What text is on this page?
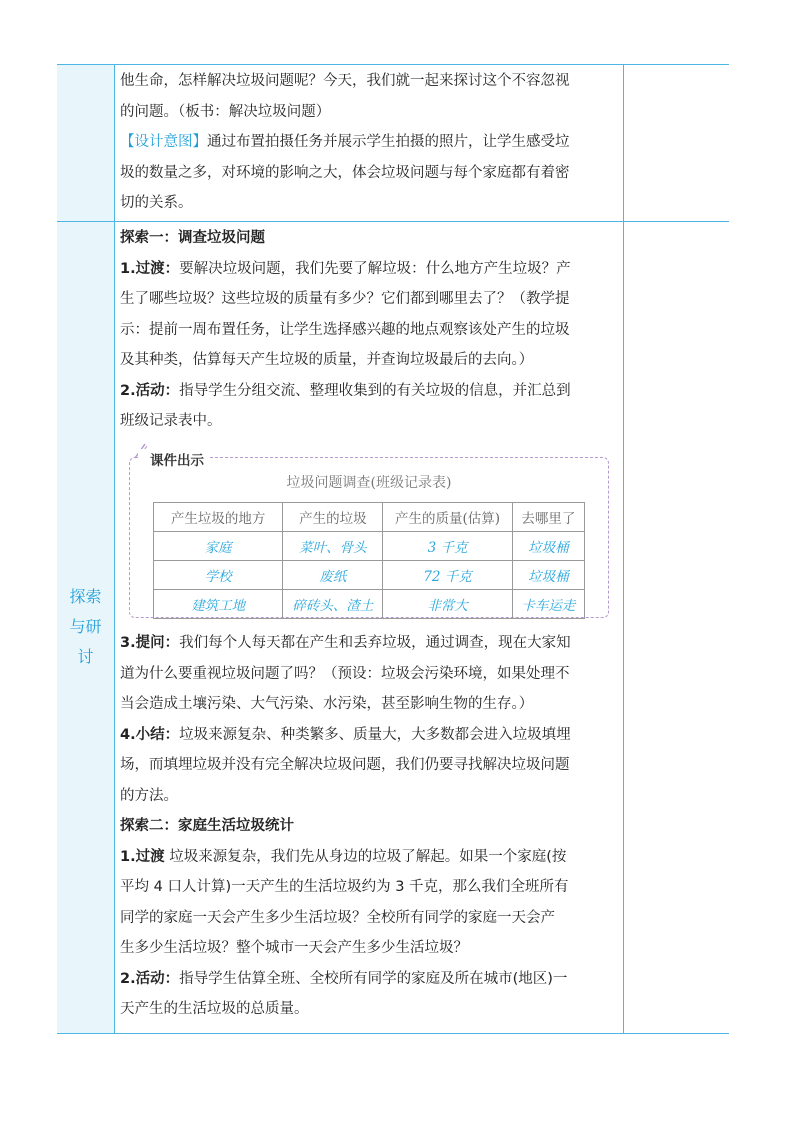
他生命，怎样解决垃圾问题呢？今天，我们就一起来探讨这个不容忽视

的问题。（板书：解决垃圾问题）

【设计意图】通过布置拍摄任务并展示学生拍摄的照片，让学生感受垃

圾的数量之多，对环境的影响之大，体会垃圾问题与每个家庭都有着密

切的关系。

探索
与研
讨

探索一：调查垃圾问题

1.过渡：要解决垃圾问题，我们先要了解垃圾：什么地方产生垃圾？产

生了哪些垃圾？这些垃圾的质量有多少？它们都到哪里去了？（教学提

示：提前一周布置任务，让学生选择感兴趣的地点观察该处产生的垃圾

及其种类，估算每天产生垃圾的质量，并查询垃圾最后的去向。）

2.活动：指导学生分组交流、整理收集到的有关垃圾的信息，并汇总到

班级记录表中。

课件出示
垃圾问题调查(班级记录表)
产生垃圾的地方	产生的垃圾	产生的质量(估算)	去哪里了
家庭	菜叶、骨头	3 千克	垃圾桶
学校	废纸	72 千克	垃圾桶
建筑工地	碎砖头、渣土	非常大	卡车运走

3.提问：我们每个人每天都在产生和丢弃垃圾，通过调查，现在大家知

道为什么要重视垃圾问题了吗？（预设：垃圾会污染环境，如果处理不

当会造成土壤污染、大气污染、水污染，甚至影响生物的生存。）

4.小结：垃圾来源复杂、种类繁多、质量大，大多数都会进入垃圾填埋

场，而填埋垃圾并没有完全解决垃圾问题，我们仍要寻找解决垃圾问题

的方法。

探索二：家庭生活垃圾统计

1.过渡 垃圾来源复杂，我们先从身边的垃圾了解起。如果一个家庭(按

平均 4 口人计算)一天产生的生活垃圾约为 3 千克，那么我们全班所有

同学的家庭一天会产生多少生活垃圾？全校所有同学的家庭一天会产

生多少生活垃圾？整个城市一天会产生多少生活垃圾？

2.活动：指导学生估算全班、全校所有同学的家庭及所在城市(地区)一

天产生的生活垃圾的总质量。
